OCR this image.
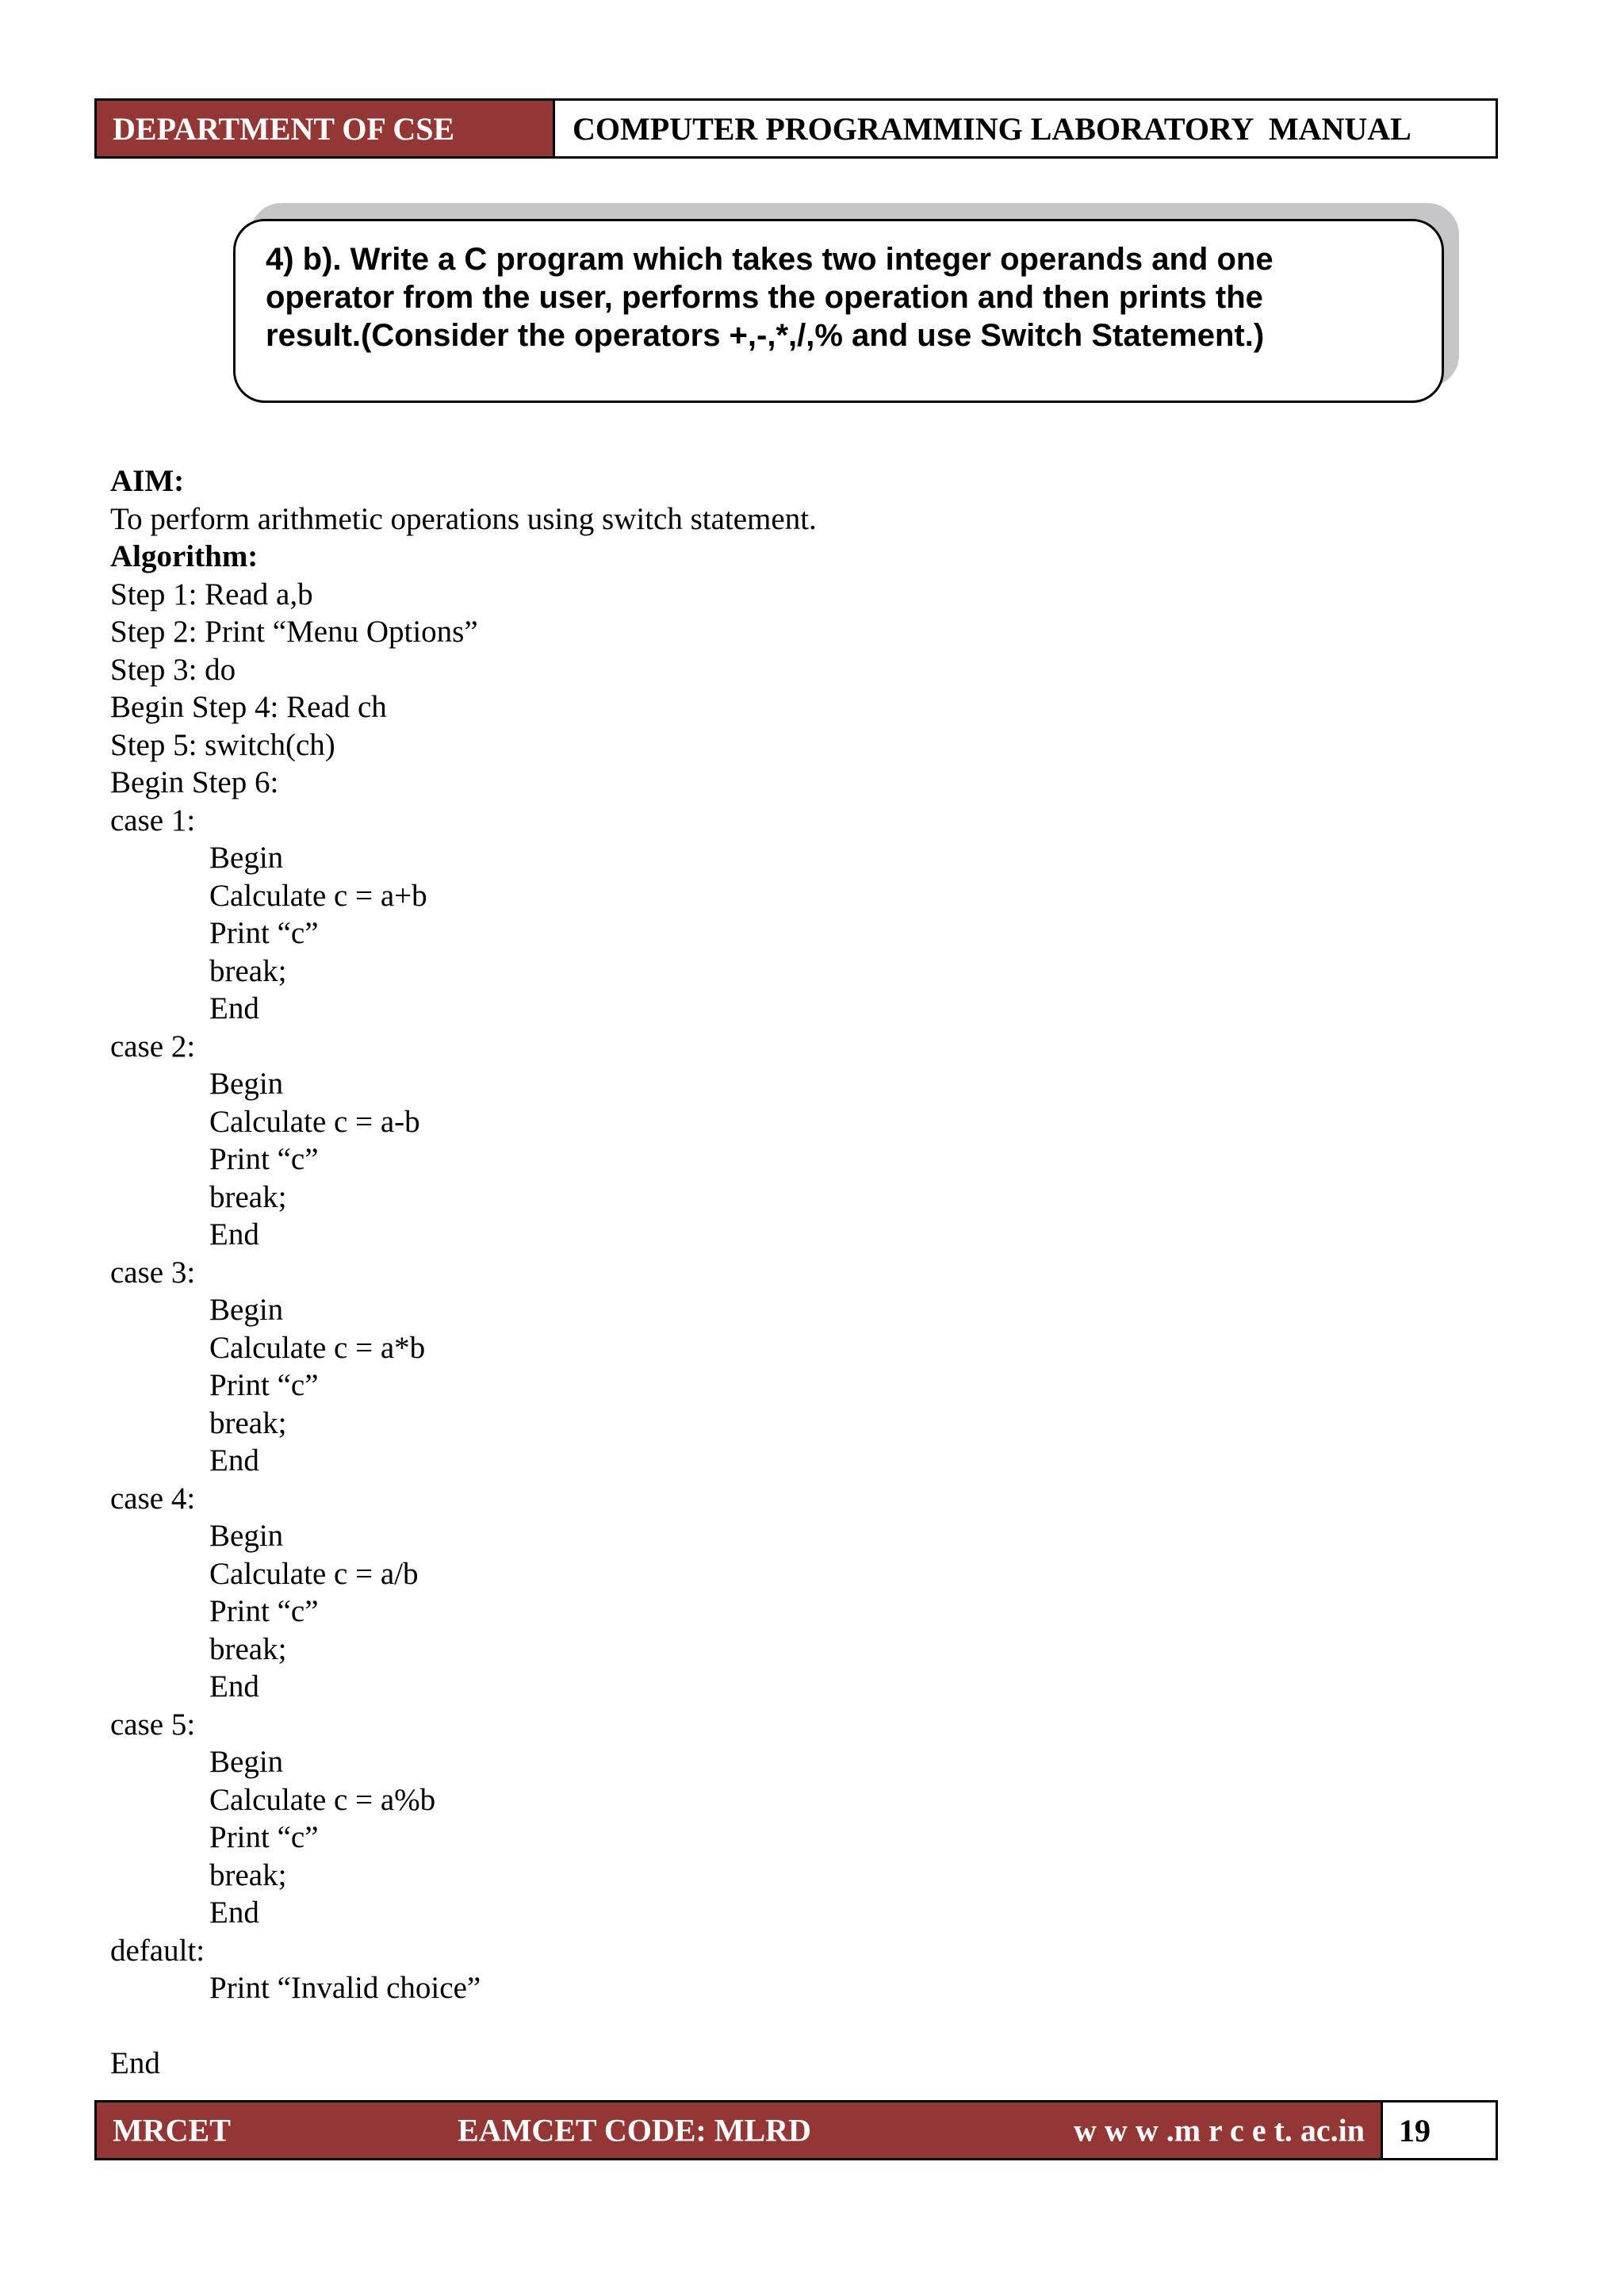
DEPARTMENT OF CSE	COMPUTER PROGRAMMING LABORATORY  MANUAL
4) b). Write a C program which takes two integer operands and one
operator from the user, performs the operation and then prints the
result.(Consider the operators +,-,*,/,% and use Switch Statement.)
AIM:
To perform arithmetic operations using switch statement.
Algorithm:
Step 1: Read a,b
Step 2: Print “Menu Options”
Step 3: do
Begin Step 4: Read ch
Step 5: switch(ch)
Begin Step 6:
case 1:
Begin
Calculate c = a+b
Print “c”
break;
End
case 2:
Begin
Calculate c = a-b
Print “c”
break;
End
case 3:
Begin
Calculate c = a*b
Print “c”
break;
End
case 4:
Begin
Calculate c = a/b
Print “c”
break;
End
case 5:
Begin
Calculate c = a%b
Print “c”
break;
End
default:
Print “Invalid choice”
End
MRCET	EAMCET CODE: MLRD	w w w .m r c e t. ac.in	19
